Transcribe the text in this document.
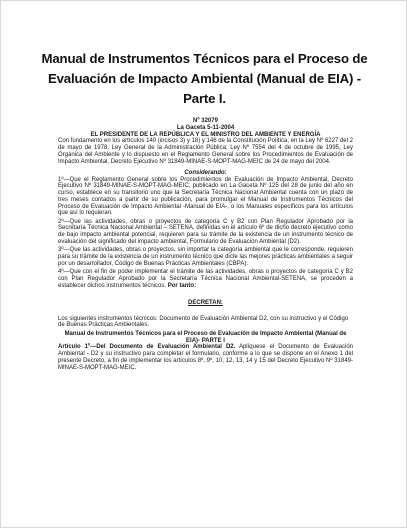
Manual de Instrumentos Técnicos para el Proceso de
Evaluación de Impacto Ambiental (Manual de EIA) -
Parte I.
Nº 32079
La Gaceta 5-11-2004
EL PRESIDENTE DE LA REPÚBLICA Y EL MINISTRO DEL AMBIENTE Y ENERGÍA
Con fundamento en los artículos 140 (incisos 3) y 18) y 146 de la Constitución Política; en la Ley Nº 6227 del 2 de mayo de 1978, Ley General de la Administración Pública; Ley Nº 7554 del 4 de octubre de 1995, Ley Orgánica del Ambiente y lo dispuesto en el Reglamento General sobre los Procedimientos de Evaluación de Impacto Ambiental, Decreto Ejecutivo Nº 31849-MINAE-S-MOPT-MAG-MEIC de 24 de mayo del 2004.
Considerando:
1º—Que el Reglamento General sobre los Procedimientos de Evaluación de Impacto Ambiental, Decreto Ejecutivo Nº 31849-MINAE-S-MOPT-MAG-MEIC, publicado en La Gaceta Nº 125 del 28 de junio del año en curso, establece en su transitorio uno que la Secretaría Técnica Nacional Ambiental cuenta con un plazo de tres meses contados a partir de su publicación, para promulgar el Manual de Instrumentos Técnicos del Proceso de Evaluación de Impacto Ambiental -Manual de EIA-, o los Manuales específicos para los artículos que así lo requieran.
2º—Que las actividades, obras o proyectos de categoría C y B2 con Plan Regulador Aprobado por la Secretaría Técnica Nacional Ambiental – SETENA, definidas en el artículo 6º de dicho decreto ejecutivo como de bajo impacto ambiental potencial, requieren para su trámite de la existencia de un instrumento técnico de evaluación del significado del impacto ambiental, Formulario de Evaluación Ambiental (D2).
3º—Que las actividades, obras o proyectos, sin importar la categoría ambiental que le corresponde, requieren para su trámite de la existencia de un instrumento técnico que dicte las mejores prácticas ambientales a seguir por un desarrollador, Código de Buenas Prácticas Ambientales (CBPA).
4º—Que con el fin de poder implementar el trámite de las actividades, obras o proyectos de categoría C y B2 con Plan Regulador Aprobado por la Secretaría Técnica Nacional Ambiental-SETENA, se proceden a establecer dichos instrumentos técnicos. Por tanto:
DECRETAN:
Los siguientes instrumentos técnicos: Documento de Evaluación Ambiental D2, con su instructivo y el Código de Buenas Prácticas Ambientales.
Manual de Instrumentos Técnicos para el Proceso de Evaluación de Impacto Ambiental (Manual de EIA)- PARTE I
Artículo 1º—Del Documento de Evaluación Ambiental D2. Aplíquese el Documento de Evaluación Ambiental - D2 y su instructivo para completar el formulario, conforme a lo que se dispone en el Anexo 1 del presente Decreto, a fin de implementar los artículos 8º, 9º, 10, 12, 13, 14 y 15 del Decreto Ejecutivo Nº 31849-MINAE-S-MOPT-MAG-MEIC.
